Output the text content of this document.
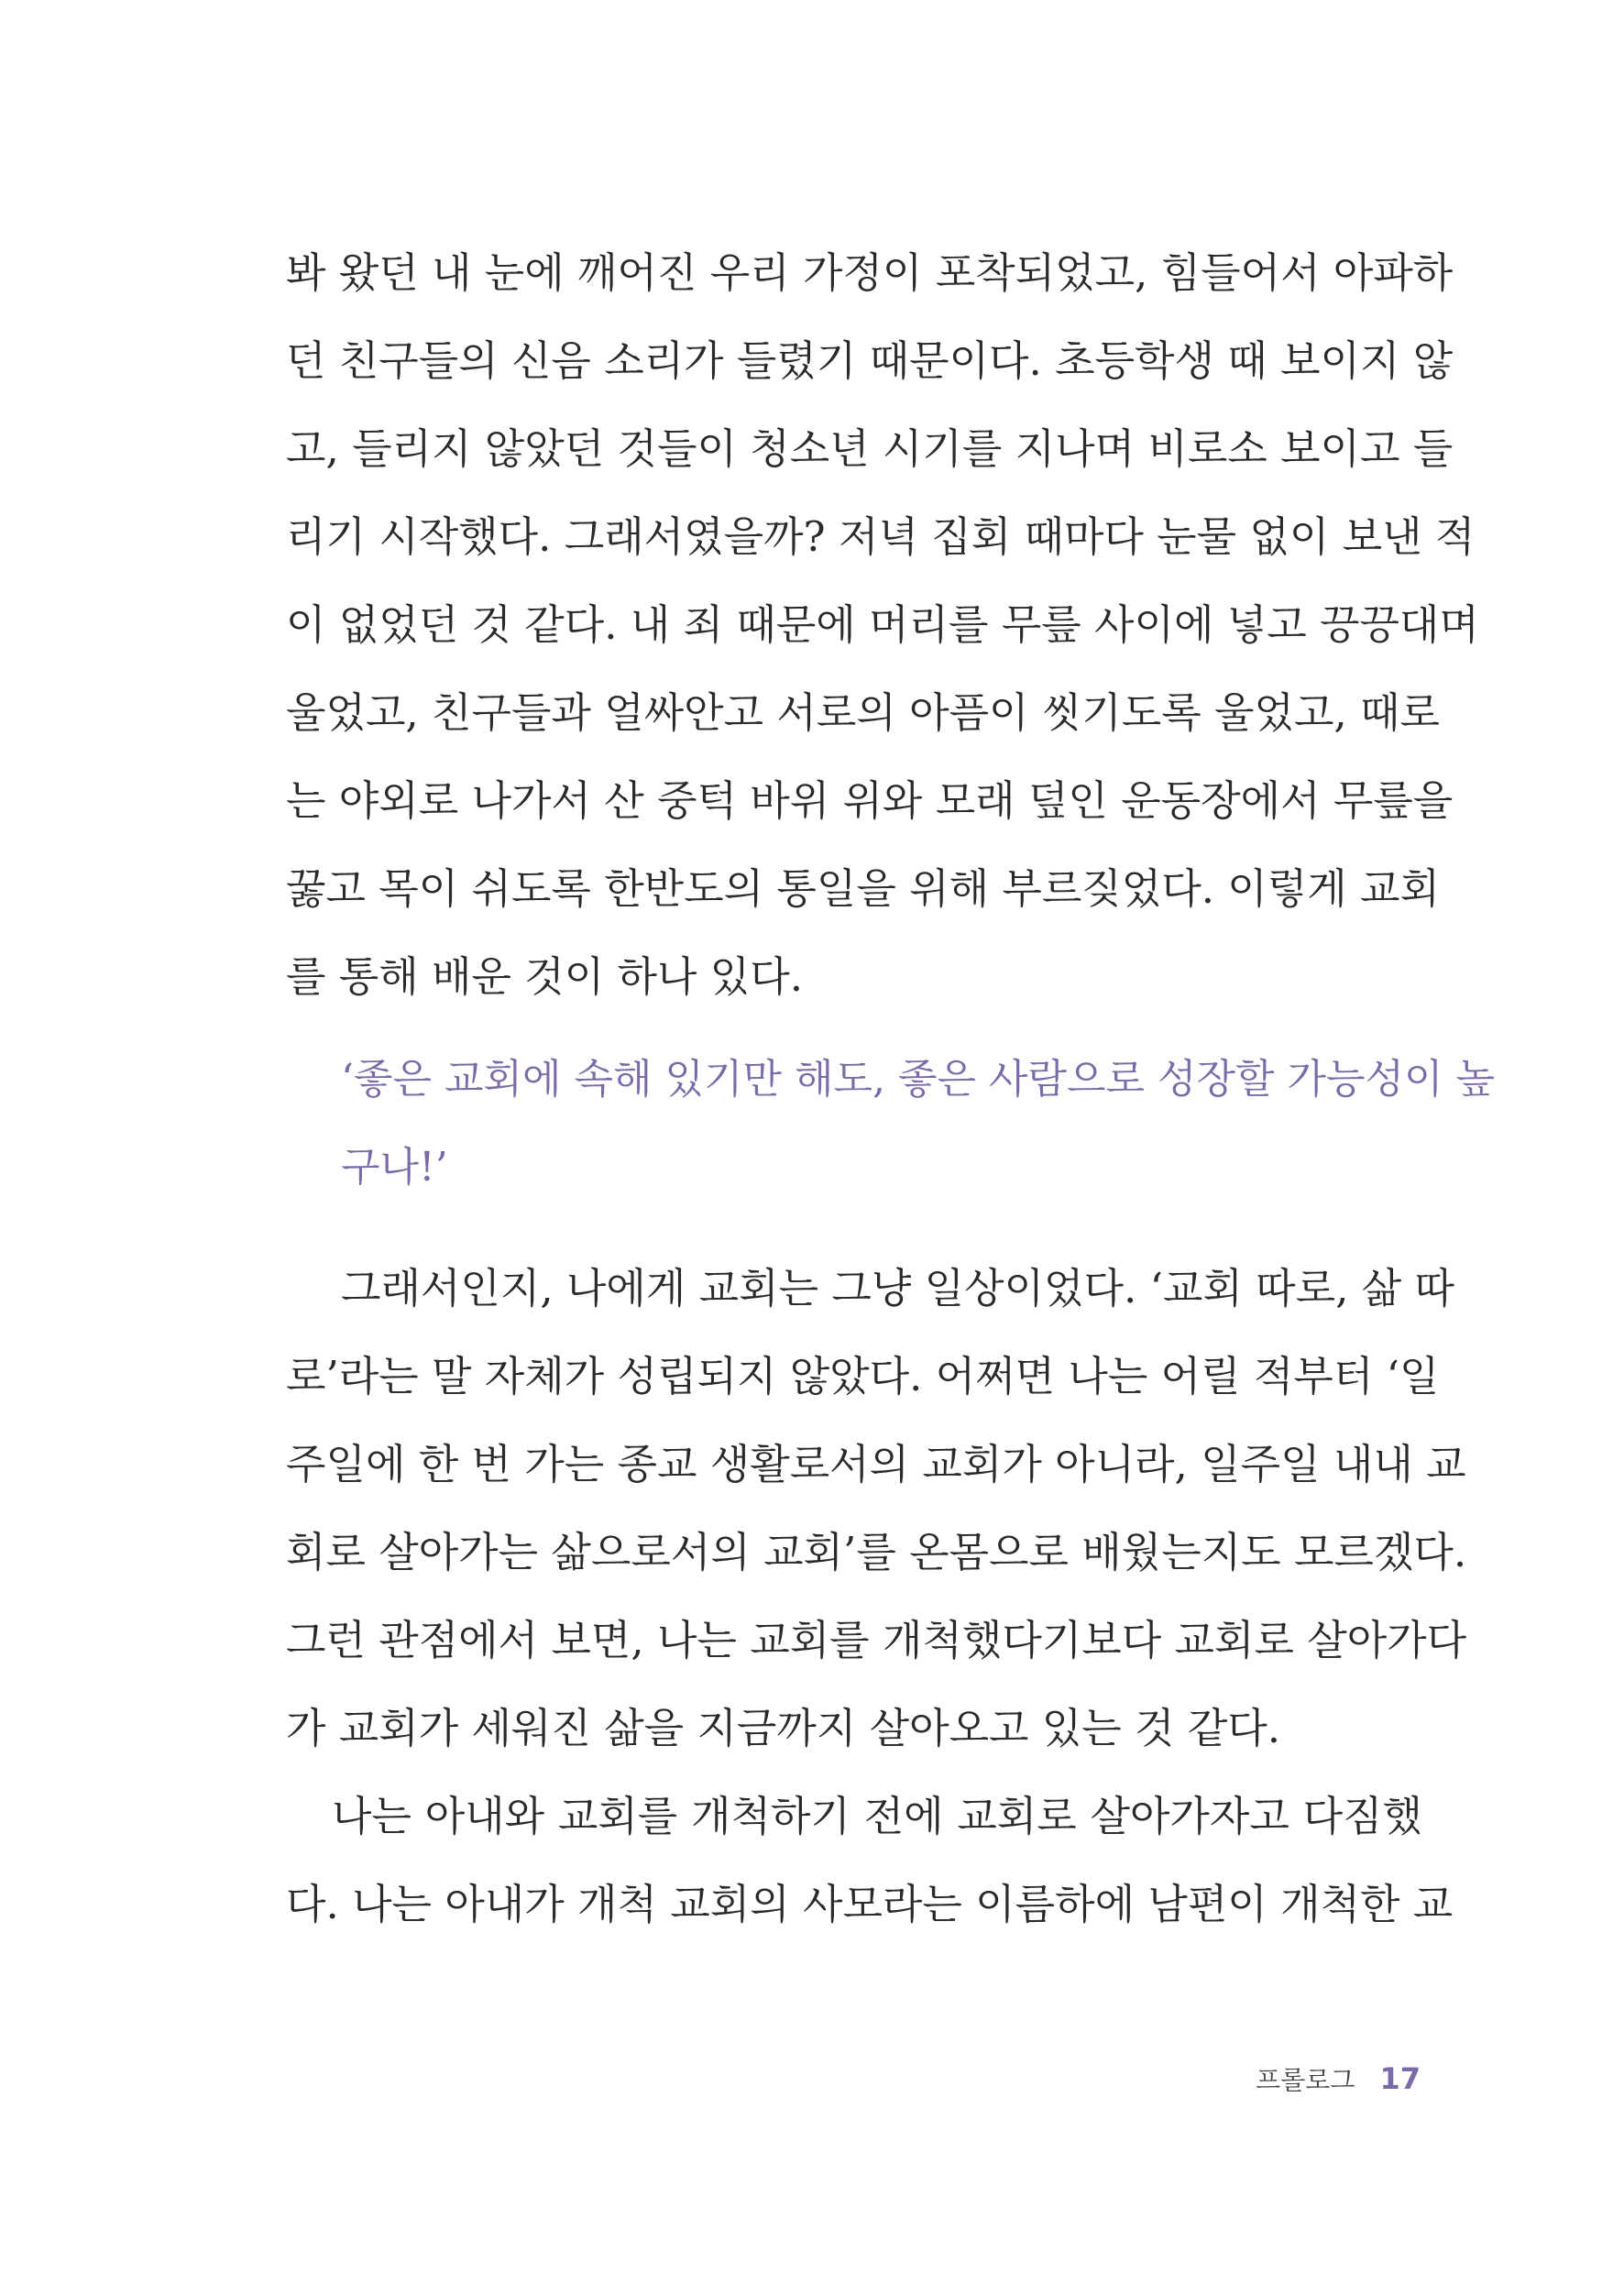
봐 왔던 내 눈에 깨어진 우리 가정이 포착되었고, 힘들어서 아파하
던 친구들의 신음 소리가 들렸기 때문이다. 초등학생 때 보이지 않
고, 들리지 않았던 것들이 청소년 시기를 지나며 비로소 보이고 들
리기 시작했다. 그래서였을까? 저녁 집회 때마다 눈물 없이 보낸 적
이 없었던 것 같다. 내 죄 때문에 머리를 무릎 사이에 넣고 끙끙대며
울었고, 친구들과 얼싸안고 서로의 아픔이 씻기도록 울었고, 때로
는 야외로 나가서 산 중턱 바위 위와 모래 덮인 운동장에서 무릎을
꿇고 목이 쉬도록 한반도의 통일을 위해 부르짖었다. 이렇게 교회
를 통해 배운 것이 하나 있다.
‘좋은 교회에 속해 있기만 해도, 좋은 사람으로 성장할 가능성이 높
구나!’
그래서인지, 나에게 교회는 그냥 일상이었다. ‘교회 따로, 삶 따
로’라는 말 자체가 성립되지 않았다. 어쩌면 나는 어릴 적부터 ‘일
주일에 한 번 가는 종교 생활로서의 교회가 아니라, 일주일 내내 교
회로 살아가는 삶으로서의 교회’를 온몸으로 배웠는지도 모르겠다.
그런 관점에서 보면, 나는 교회를 개척했다기보다 교회로 살아가다
가 교회가 세워진 삶을 지금까지 살아오고 있는 것 같다.
나는 아내와 교회를 개척하기 전에 교회로 살아가자고 다짐했
다. 나는 아내가 개척 교회의 사모라는 이름하에 남편이 개척한 교
프롤로그 17
